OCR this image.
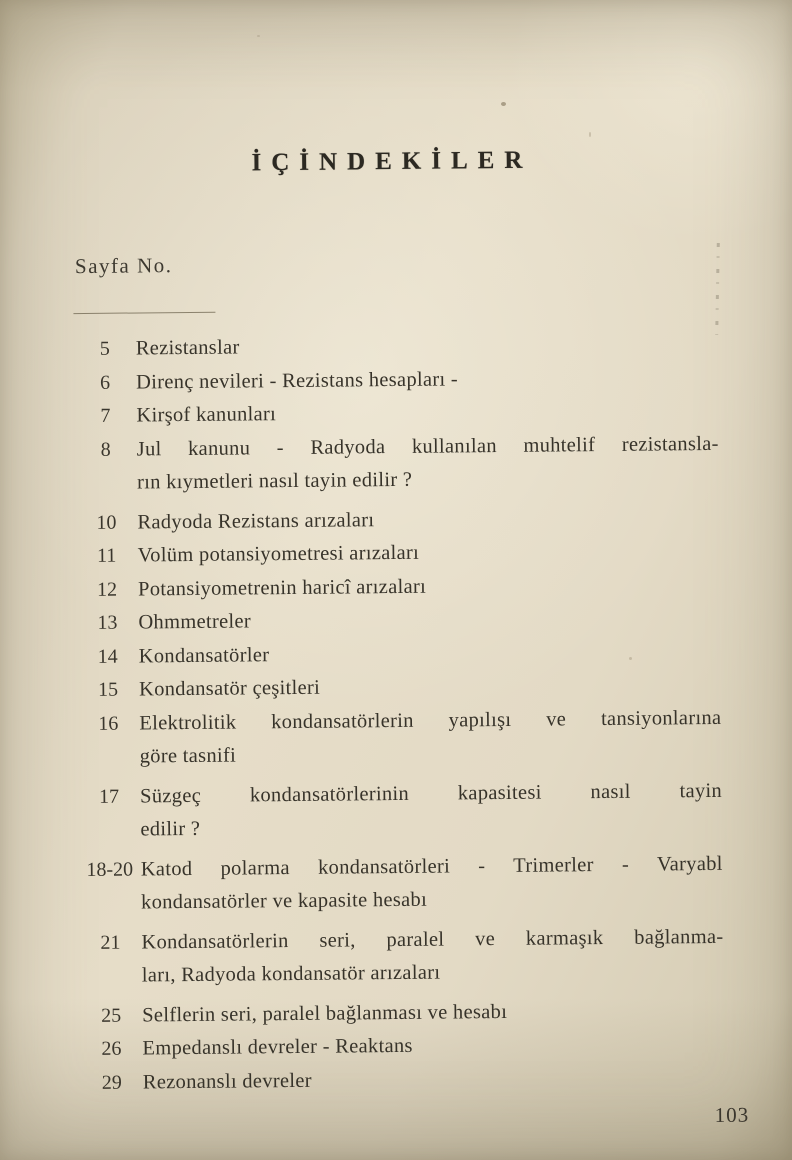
İÇİNDEKİLER
Sayfa No.
5	Rezistanslar
6	Direnç nevileri - Rezistans hesapları -
7	Kirşof kanunları
8	Jul kanunu - Radyoda kullanılan muhtelif rezistansla-
rın kıymetleri nasıl tayin edilir ?
10	Radyoda Rezistans arızaları
11	Volüm potansiyometresi arızaları
12	Potansiyometrenin haricî arızaları
13	Ohmmetreler
14	Kondansatörler
15	Kondansatör çeşitleri
16	Elektrolitik kondansatörlerin yapılışı ve tansiyonlarına
göre tasnifi
17	Süzgeç kondansatörlerinin kapasitesi nasıl tayin
edilir ?
18-20 Katod polarma kondansatörleri - Trimerler - Varyabl
kondansatörler ve kapasite hesabı
21	Kondansatörlerin seri, paralel ve karmaşık bağlanma-
ları, Radyoda kondansatör arızaları
25	Selflerin seri, paralel bağlanması ve hesabı
26	Empedanslı devreler - Reaktans
29	Rezonanslı devreler
103
